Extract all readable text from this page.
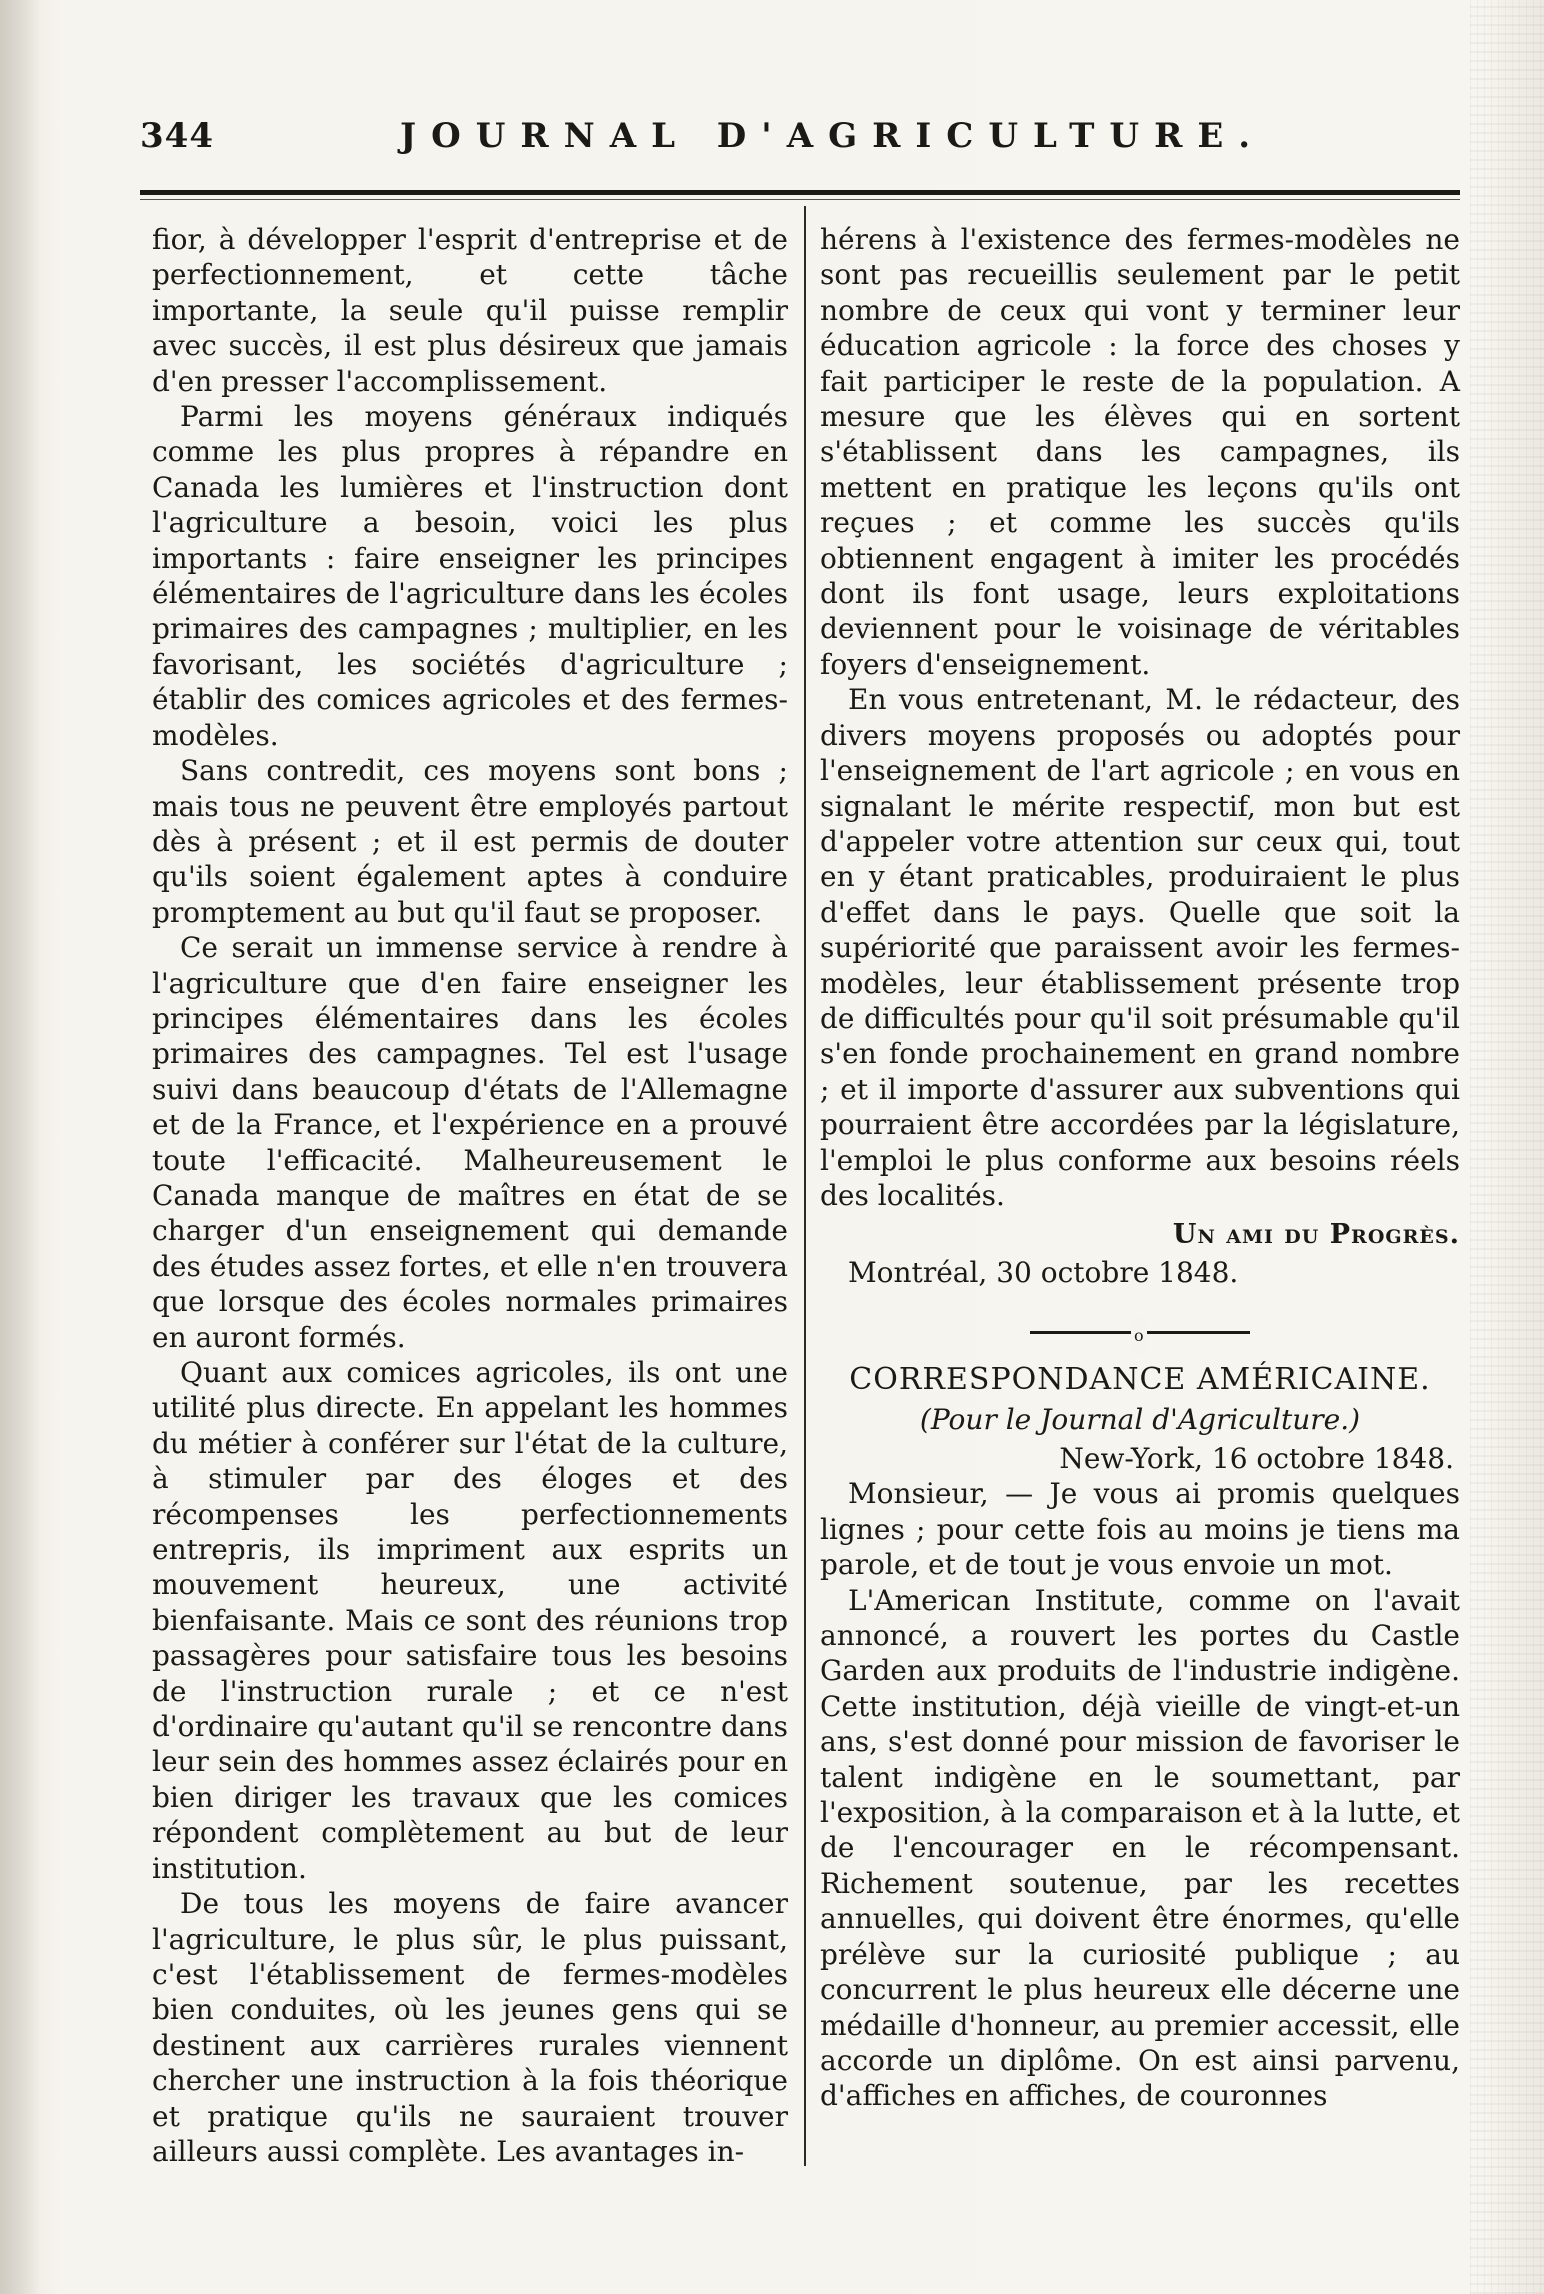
344	JOURNAL D'AGRICULTURE.

fior, à développer l'esprit d'entreprise et de perfectionnement, et cette tâche importante, la seule qu'il puisse remplir avec succès, il est plus désireux que jamais d'en presser l'accomplissement.

Parmi les moyens généraux indiqués comme les plus propres à répandre en Canada les lumières et l'instruction dont l'agriculture a besoin, voici les plus importants : faire enseigner les principes élémentaires de l'agriculture dans les écoles primaires des campagnes ; multiplier, en les favorisant, les sociétés d'agriculture ; établir des comices agricoles et des fermes-modèles.

Sans contredit, ces moyens sont bons ; mais tous ne peuvent être employés partout dès à présent ; et il est permis de douter qu'ils soient également aptes à conduire promptement au but qu'il faut se proposer.

Ce serait un immense service à rendre à l'agriculture que d'en faire enseigner les principes élémentaires dans les écoles primaires des campagnes. Tel est l'usage suivi dans beaucoup d'états de l'Allemagne et de la France, et l'expérience en a prouvé toute l'efficacité. Malheureusement le Canada manque de maîtres en état de se charger d'un enseignement qui demande des études assez fortes, et elle n'en trouvera que lorsque des écoles normales primaires en auront formés.

Quant aux comices agricoles, ils ont une utilité plus directe. En appelant les hommes du métier à conférer sur l'état de la culture, à stimuler par des éloges et des récompenses les perfectionnements entrepris, ils impriment aux esprits un mouvement heureux, une activité bienfaisante. Mais ce sont des réunions trop passagères pour satisfaire tous les besoins de l'instruction rurale ; et ce n'est d'ordinaire qu'autant qu'il se rencontre dans leur sein des hommes assez éclairés pour en bien diriger les travaux que les comices répondent complètement au but de leur institution.

De tous les moyens de faire avancer l'agriculture, le plus sûr, le plus puissant, c'est l'établissement de fermes-modèles bien conduites, où les jeunes gens qui se destinent aux carrières rurales viennent chercher une instruction à la fois théorique et pratique qu'ils ne sauraient trouver ailleurs aussi complète. Les avantages in-

hérens à l'existence des fermes-modèles ne sont pas recueillis seulement par le petit nombre de ceux qui vont y terminer leur éducation agricole : la force des choses y fait participer le reste de la population. A mesure que les élèves qui en sortent s'établissent dans les campagnes, ils mettent en pratique les leçons qu'ils ont reçues ; et comme les succès qu'ils obtiennent engagent à imiter les procédés dont ils font usage, leurs exploitations deviennent pour le voisinage de véritables foyers d'enseignement.

En vous entretenant, M. le rédacteur, des divers moyens proposés ou adoptés pour l'enseignement de l'art agricole ; en vous en signalant le mérite respectif, mon but est d'appeler votre attention sur ceux qui, tout en y étant praticables, produiraient le plus d'effet dans le pays. Quelle que soit la supériorité que paraissent avoir les fermes-modèles, leur établissement présente trop de difficultés pour qu'il soit présumable qu'il s'en fonde prochainement en grand nombre ; et il importe d'assurer aux subventions qui pourraient être accordées par la législature, l'emploi le plus conforme aux besoins réels des localités.

Un ami du Progrès.
Montréal, 30 octobre 1848.
o
CORRESPONDANCE AMÉRICAINE.
(Pour le Journal d'Agriculture.)
New-York, 16 octobre 1848.

Monsieur, — Je vous ai promis quelques lignes ; pour cette fois au moins je tiens ma parole, et de tout je vous envoie un mot.

L'American Institute, comme on l'avait annoncé, a rouvert les portes du Castle Garden aux produits de l'industrie indigène. Cette institution, déjà vieille de vingt-et-un ans, s'est donné pour mission de favoriser le talent indigène en le soumettant, par l'exposition, à la comparaison et à la lutte, et de l'encourager en le récompensant. Richement soutenue, par les recettes annuelles, qui doivent être énormes, qu'elle prélève sur la curiosité publique ; au concurrent le plus heureux elle décerne une médaille d'honneur, au premier accessit, elle accorde un diplôme. On est ainsi parvenu, d'affiches en affiches, de couronnes
